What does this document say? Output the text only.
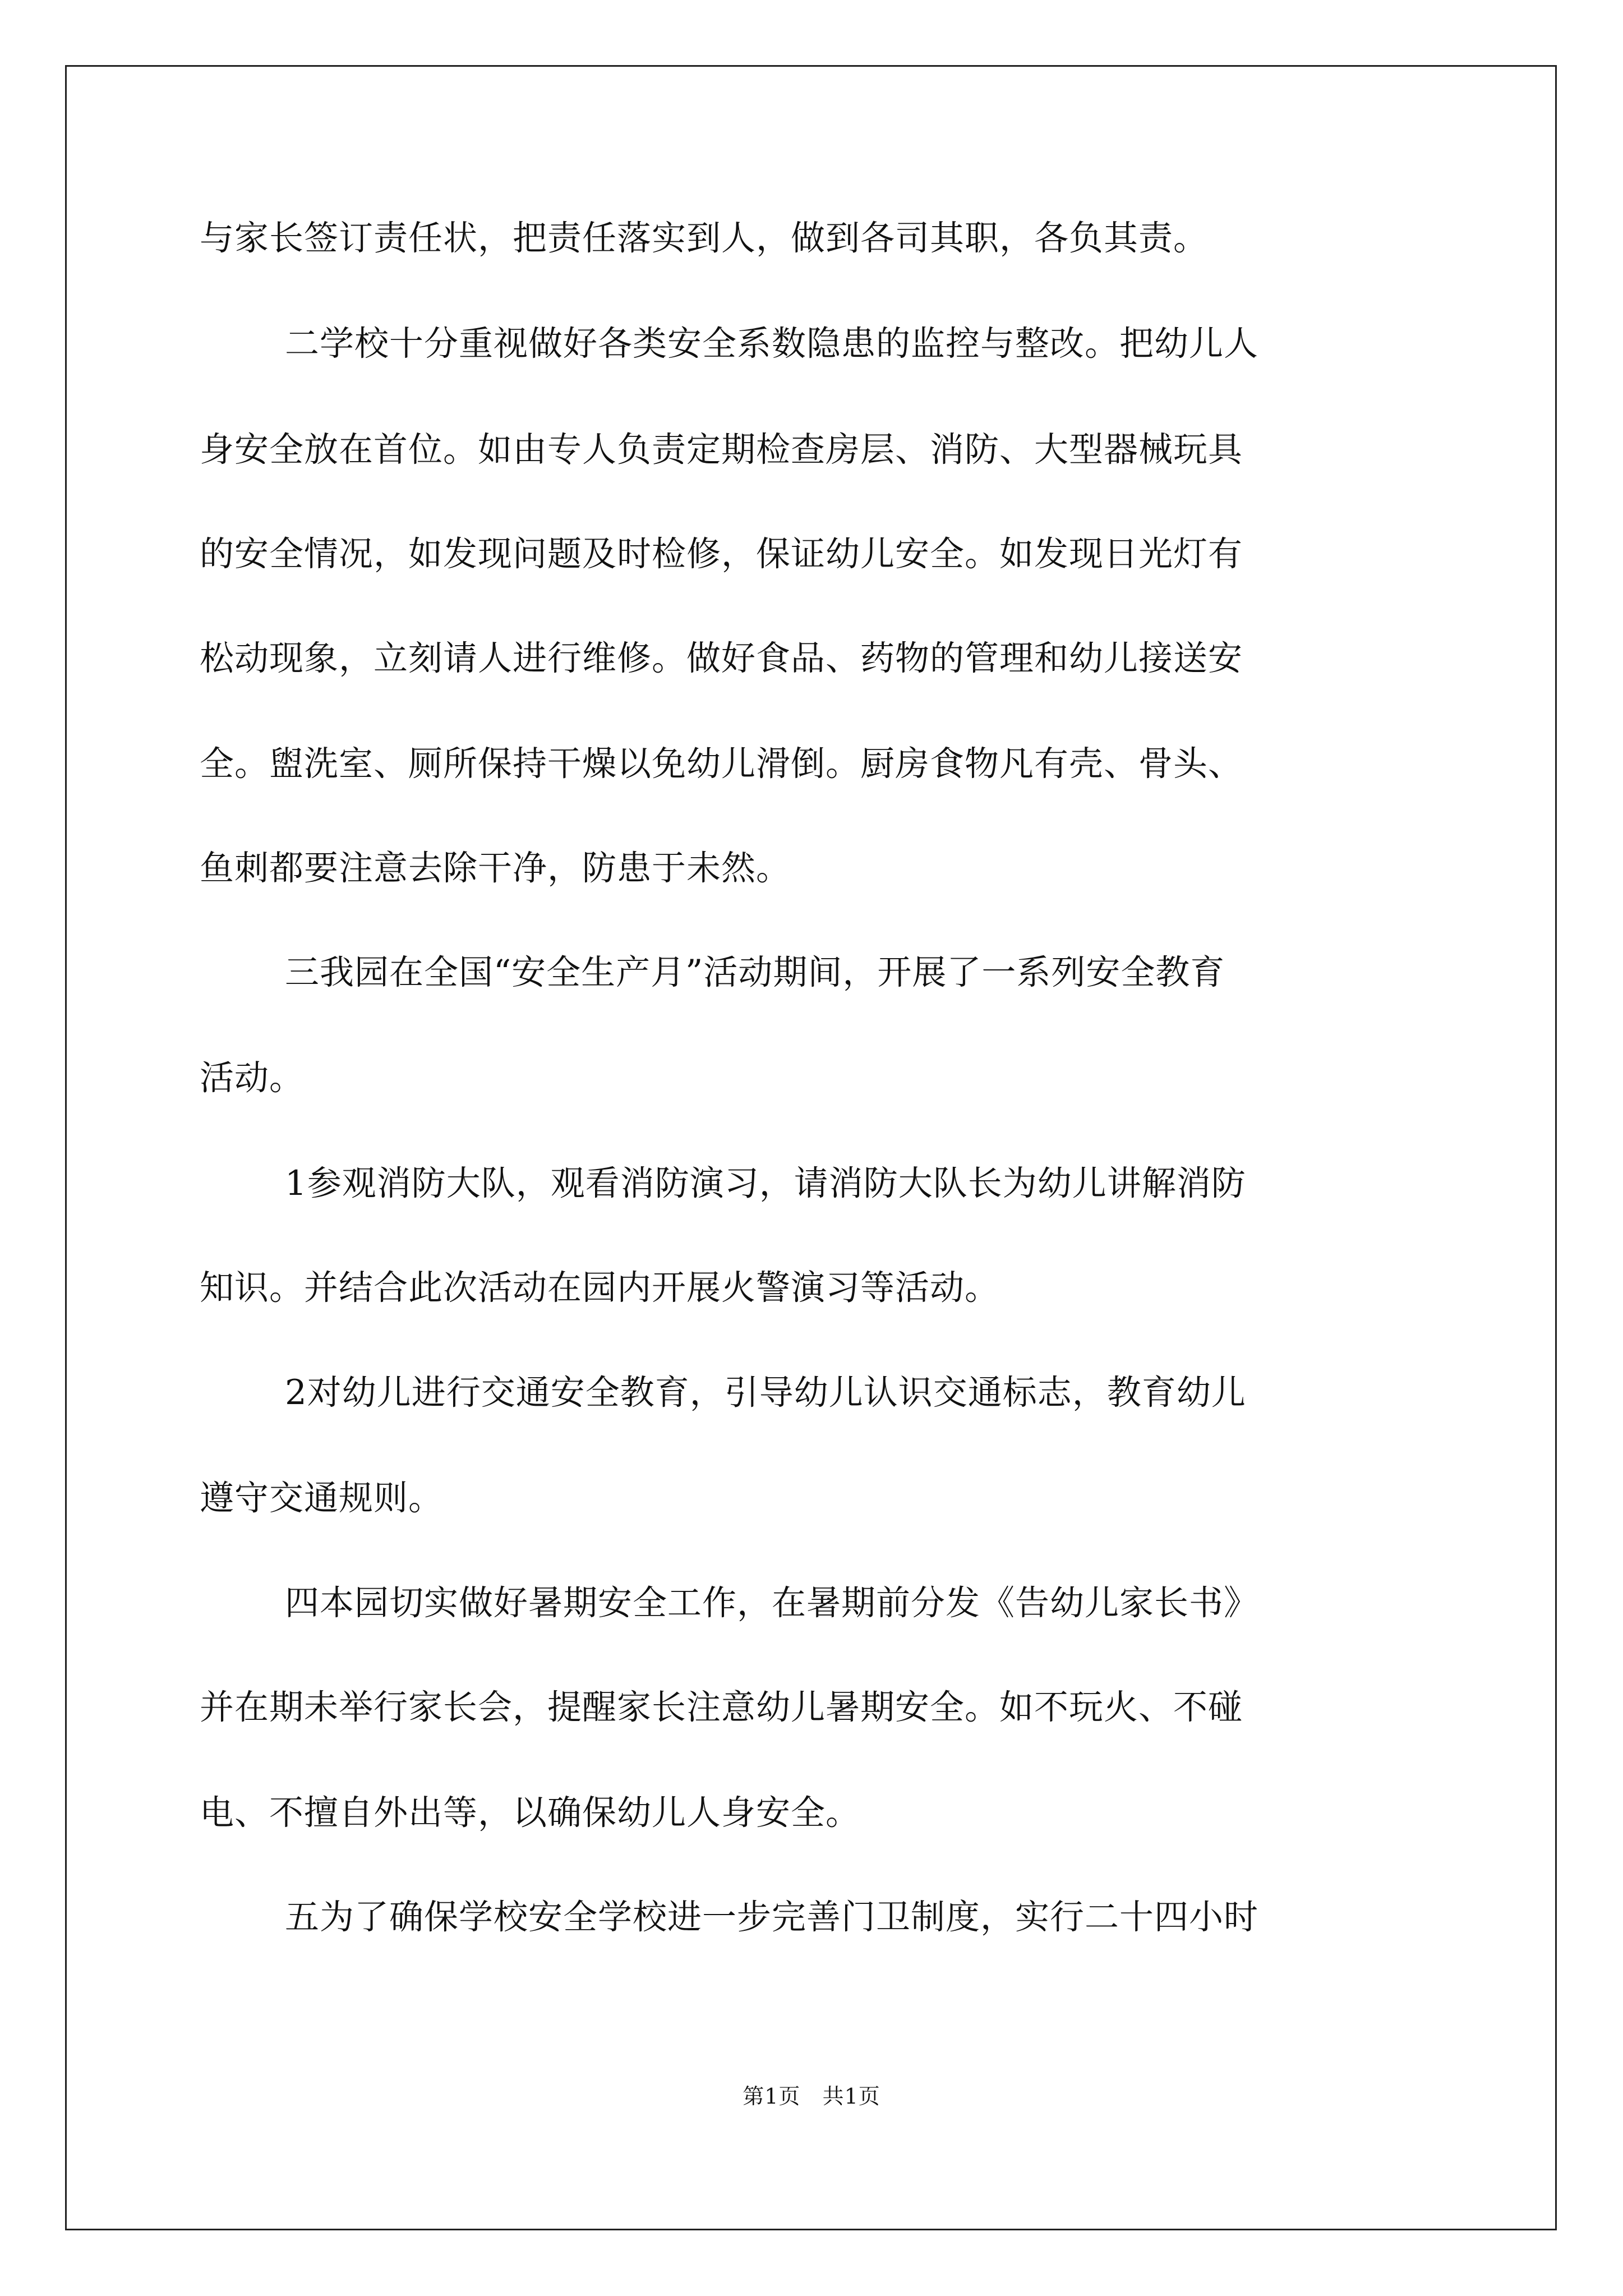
与家长签订责任状，把责任落实到人，做到各司其职，各负其责。
二学校十分重视做好各类安全系数隐患的监控与整改。把幼儿人
身安全放在首位。如由专人负责定期检查房层、消防、大型器械玩具
的安全情况，如发现问题及时检修，保证幼儿安全。如发现日光灯有
松动现象，立刻请人进行维修。做好食品、药物的管理和幼儿接送安
全。盥洗室、厕所保持干燥以免幼儿滑倒。厨房食物凡有壳、骨头、
鱼刺都要注意去除干净，防患于未然。
三我园在全国“安全生产月”活动期间，开展了一系列安全教育
活动。
1参观消防大队，观看消防演习，请消防大队长为幼儿讲解消防
知识。并结合此次活动在园内开展火警演习等活动。
2对幼儿进行交通安全教育，引导幼儿认识交通标志，教育幼儿
遵守交通规则。
四本园切实做好暑期安全工作，在暑期前分发《告幼儿家长书》
并在期未举行家长会，提醒家长注意幼儿暑期安全。如不玩火、不碰
电、不擅自外出等，以确保幼儿人身安全。
五为了确保学校安全学校进一步完善门卫制度，实行二十四小时
第1页   共1页
